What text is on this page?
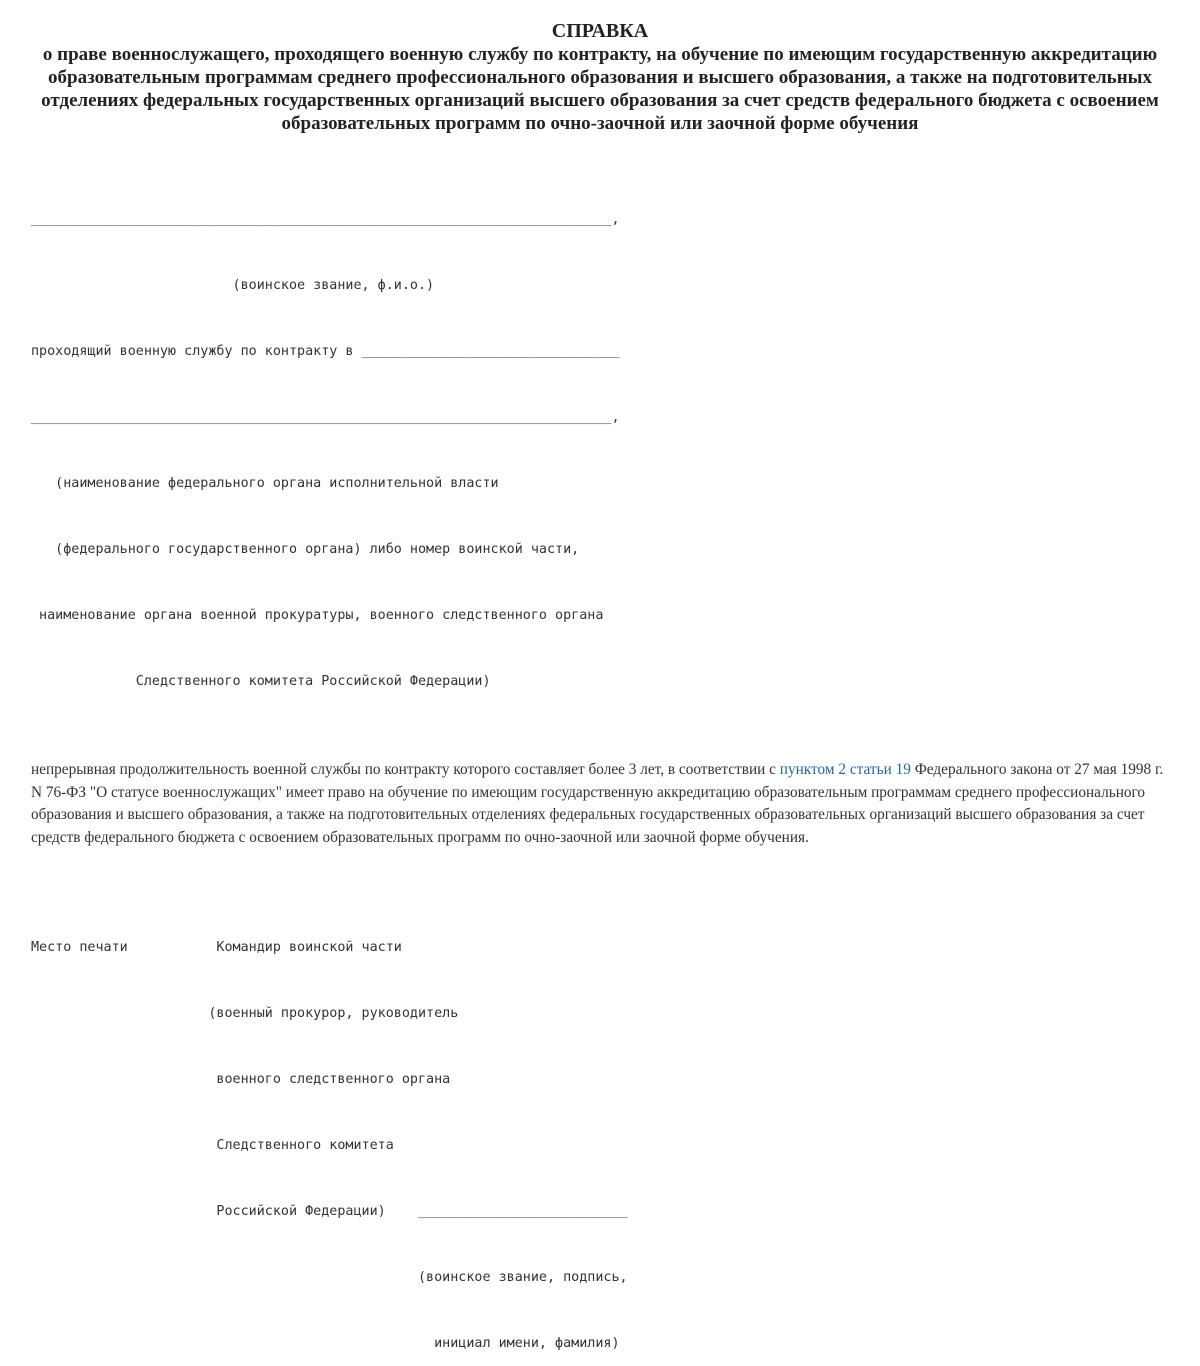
СПРАВКА
о праве военнослужащего, проходящего военную службу по контракту, на обучение по имеющим государственную аккредитацию образовательным программам среднего профессионального образования и высшего образования, а также на подготовительных отделениях федеральных государственных организаций высшего образования за счет средств федерального бюджета с освоением образовательных программ по очно-заочной или заочной форме обучения

________________________________________________________________________,

(воинское звание, ф.и.о.)

проходящий военную службу по контракту в ________________________________

________________________________________________________________________,

(наименование федерального органа исполнительной власти

(федерального государственного органа) либо номер воинской части,

наименование органа военной прокуратуры, военного следственного органа

Следственного комитета Российской Федерации)

непрерывная продолжительность военной службы по контракту которого составляет более 3 лет, в соответствии с пунктом 2 статьи 19 Федерального закона от 27 мая 1998 г. N 76-ФЗ "О статусе военнослужащих" имеет право на обучение по имеющим государственную аккредитацию образовательным программам среднего профессионального образования и высшего образования, а также на подготовительных отделениях федеральных государственных образовательных организаций высшего образования за счет средств федерального бюджета с освоением образовательных программ по очно-заочной или заочной форме обучения.

Место печати           Командир воинской части

(военный прокурор, руководитель

военного следственного органа

Следственного комитета

Российской Федерации)    __________________________

(воинское звание, подпись,

инициал имени, фамилия)
